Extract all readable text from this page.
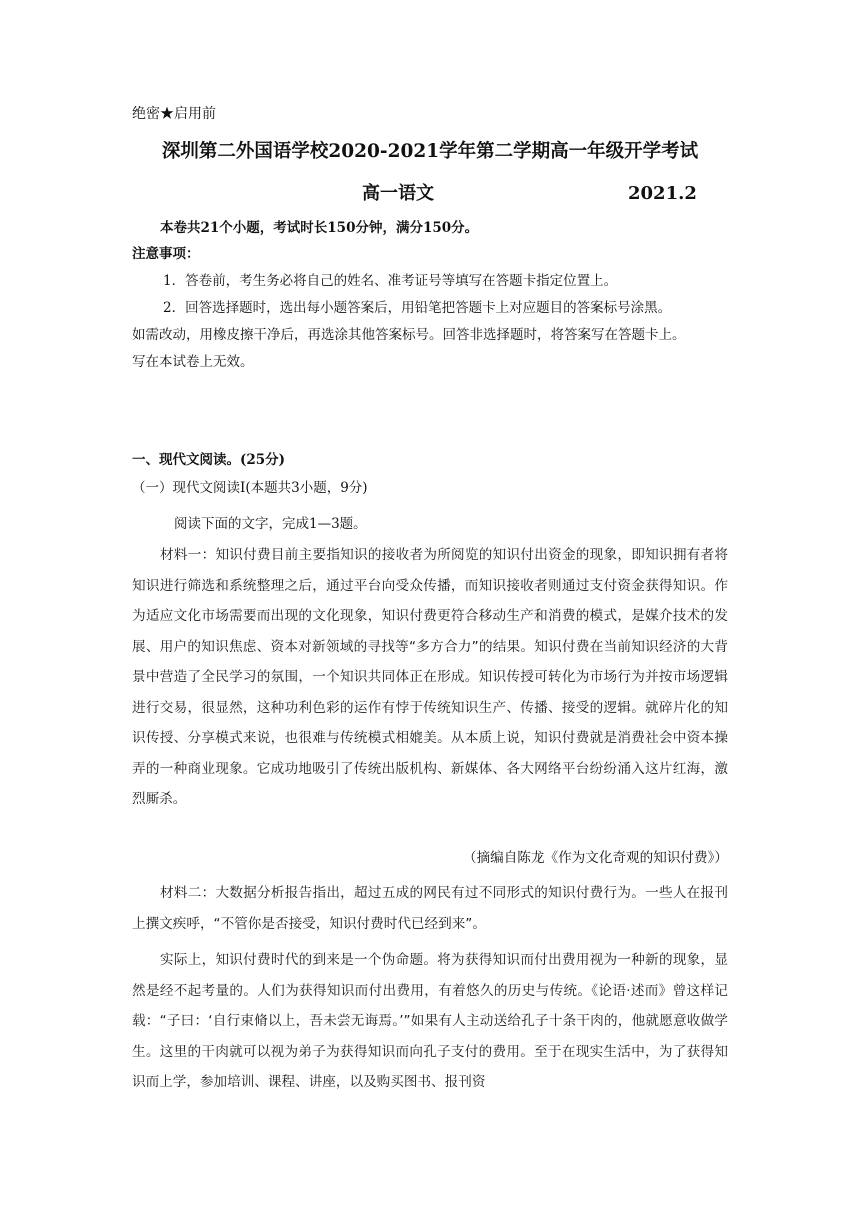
绝密★启用前
深圳第二外国语学校2020-2021学年第二学期高一年级开学考试
高一语文	2021.2
本卷共21个小题，考试时长150分钟，满分150分。
注意事项：
1．答卷前，考生务必将自己的姓名、准考证号等填写在答题卡指定位置上。
2．回答选择题时，选出每小题答案后，用铅笔把答题卡上对应题目的答案标号涂黑。
如需改动，用橡皮擦干净后，再选涂其他答案标号。回答非选择题时，将答案写在答题卡上。
写在本试卷上无效。
一、现代文阅读。(25分)
（一）现代文阅读Ⅰ(本题共3小题，9分)
阅读下面的文字，完成1—3题。
材料一：知识付费目前主要指知识的接收者为所阅览的知识付出资金的现象，即知识拥有者将知识进行筛选和系统整理之后，通过平台向受众传播，而知识接收者则通过支付资金获得知识。作为适应文化市场需要而出现的文化现象，知识付费更符合移动生产和消费的模式，是媒介技术的发展、用户的知识焦虑、资本对新领域的寻找等“多方合力”的结果。知识付费在当前知识经济的大背景中营造了全民学习的氛围，一个知识共同体正在形成。知识传授可转化为市场行为并按市场逻辑进行交易，很显然，这种功利色彩的运作有悖于传统知识生产、传播、接受的逻辑。就碎片化的知识传授、分享模式来说，也很难与传统模式相媲美。从本质上说，知识付费就是消费社会中资本操弄的一种商业现象。它成功地吸引了传统出版机构、新媒体、各大网络平台纷纷涌入这片红海，激烈厮杀。
（摘编自陈龙《作为文化奇观的知识付费》）
材料二：大数据分析报告指出，超过五成的网民有过不同形式的知识付费行为。一些人在报刊上撰文疾呼，“不管你是否接受，知识付费时代已经到来”。
实际上，知识付费时代的到来是一个伪命题。将为获得知识而付出费用视为一种新的现象，显然是经不起考量的。人们为获得知识而付出费用，有着悠久的历史与传统。《论语·述而》曾这样记载：“子曰：‘自行束脩以上，吾未尝无诲焉。’”如果有人主动送给孔子十条干肉的，他就愿意收做学生。这里的干肉就可以视为弟子为获得知识而向孔子支付的费用。至于在现实生活中，为了获得知识而上学，参加培训、课程、讲座，以及购买图书、报刊资
